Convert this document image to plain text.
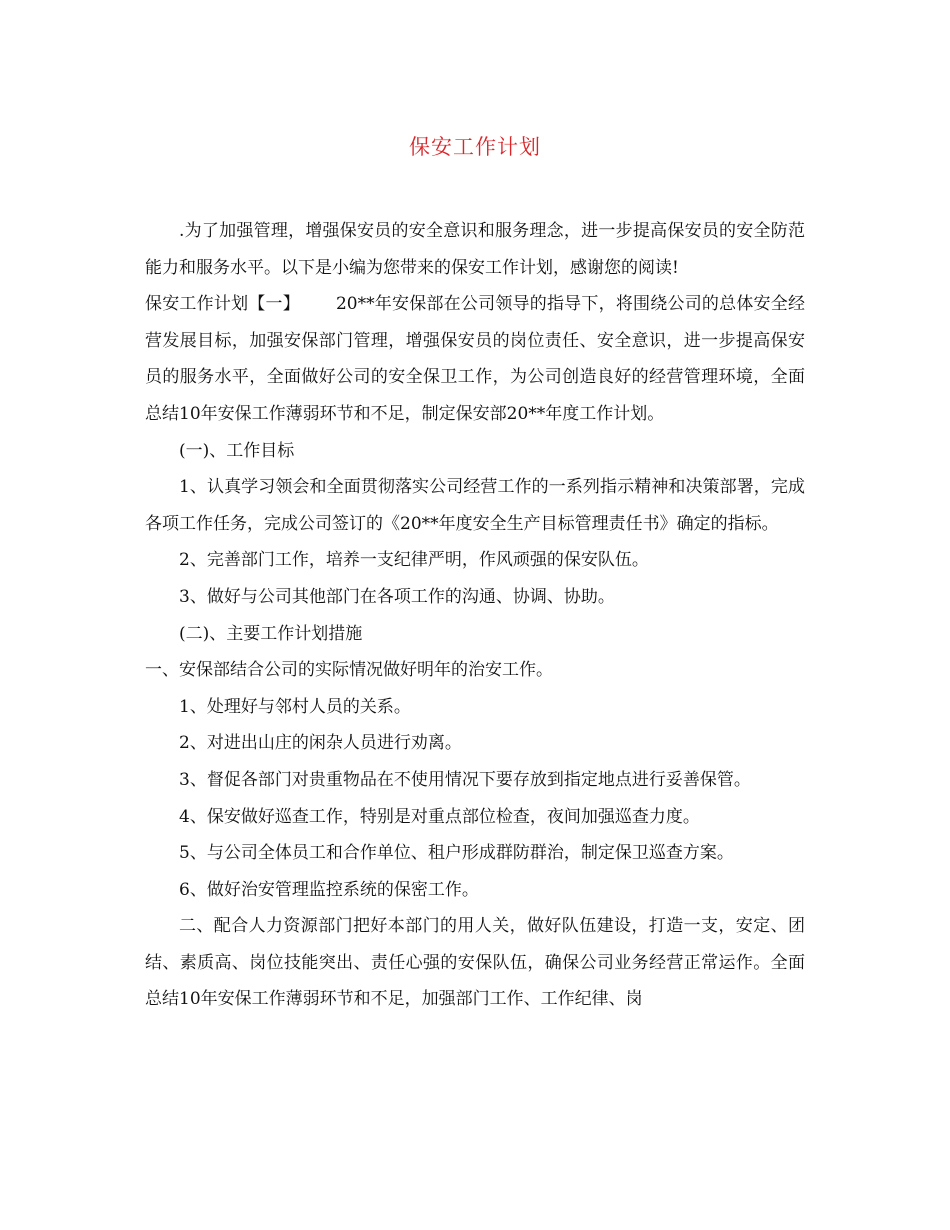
保安工作计划

.为了加强管理，增强保安员的安全意识和服务理念，进一步提高保安员的安全防范能力和服务水平。以下是小编为您带来的保安工作计划，感谢您的阅读!

保安工作计划【一】 20**年安保部在公司领导的指导下，将围绕公司的总体安全经营发展目标，加强安保部门管理，增强保安员的岗位责任、安全意识，进一步提高保安员的服务水平，全面做好公司的安全保卫工作，为公司创造良好的经营管理环境，全面总结10年安保工作薄弱环节和不足，制定保安部20**年度工作计划。

(一)、工作目标

1、认真学习领会和全面贯彻落实公司经营工作的一系列指示精神和决策部署，完成各项工作任务，完成公司签订的《20**年度安全生产目标管理责任书》确定的指标。

2、完善部门工作，培养一支纪律严明，作风顽强的保安队伍。

3、做好与公司其他部门在各项工作的沟通、协调、协助。

(二)、主要工作计划措施

一、安保部结合公司的实际情况做好明年的治安工作。

1、处理好与邻村人员的关系。

2、对进出山庄的闲杂人员进行劝离。

3、督促各部门对贵重物品在不使用情况下要存放到指定地点进行妥善保管。

4、保安做好巡查工作，特别是对重点部位检查，夜间加强巡查力度。

5、与公司全体员工和合作单位、租户形成群防群治，制定保卫巡查方案。

6、做好治安管理监控系统的保密工作。

二、配合人力资源部门把好本部门的用人关，做好队伍建设，打造一支，安定、团结、素质高、岗位技能突出、责任心强的安保队伍，确保公司业务经营正常运作。全面总结10年安保工作薄弱环节和不足，加强部门工作、工作纪律、岗
